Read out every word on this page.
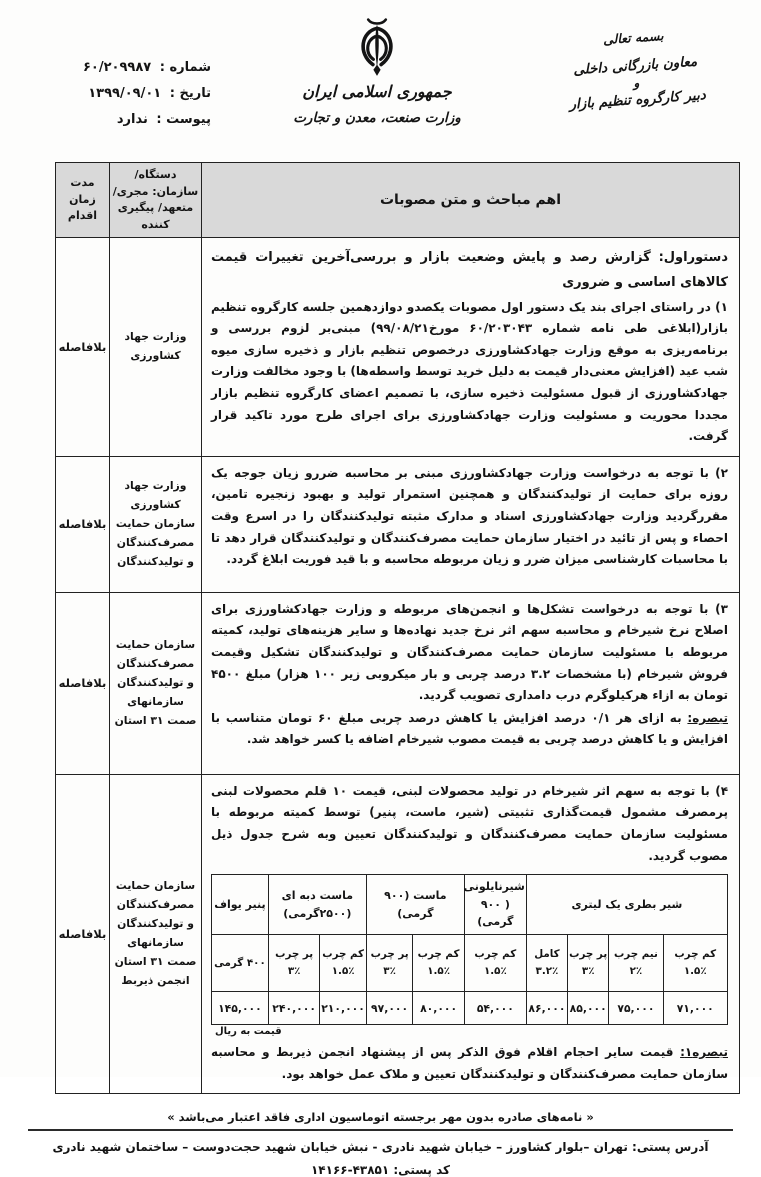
بسمه تعالی
معاون بازرگانی داخلی
و
دبیر کارگروه تنظیم بازار
جمهوری اسلامی ایران
وزارت صنعت، معدن و تجارت
شماره : ۶۰/۲۰۹۹۸۷
تاریخ : ۱۳۹۹/۰۹/۰۱
پیوست : ندارد
اهم مباحث و متن مصوبات	دستگاه/سازمان: مجری/ متعهد/ پیگیری کننده	مدت زمان اقدام

دستوراول: گزارش رصد و پایش وضعیت بازار و بررسی‌آخرین تغییرات قیمت کالاهای اساسی و ضروری

۱) در راستای اجرای بند یک دستور اول مصوبات یکصدو دوازدهمین جلسه کارگروه تنظیم بازار(ابلاغی طی نامه شماره ۶۰/۲۰۳۰۴۳ مورخ۹۹/۰۸/۲۱) مبنی‌بر لزوم بررسی و برنامه‌ریزی به موقع وزارت جهادکشاورزی درخصوص تنظیم بازار و ذخیره سازی میوه شب عید (افزایش معنی‌دار قیمت به دلیل خرید توسط واسطه‌ها) با وجود مخالفت وزارت جهادکشاورزی از قبول مسئولیت ذخیره سازی، با تصمیم اعضای کارگروه تنظیم بازار مجددا محوریت و مسئولیت وزارت جهادکشاورزی برای اجرای طرح مورد تاکید قرار گرفت.

	وزارت جهاد کشاورزی	بلافاصله

۲) با توجه به درخواست وزارت جهادکشاورزی مبنی بر محاسبه ضررو زیان جوجه یک روزه برای حمایت از تولیدکنندگان و همچنین استمرار تولید و بهبود زنجیره تامین، مقررگردید وزارت جهادکشاورزی اسناد و مدارک مثبته تولیدکنندگان را در اسرع وقت احصاء و پس از تائید در اختیار سازمان حمایت مصرف‌کنندگان و تولیدکنندگان قرار دهد تا با محاسبات کارشناسی میزان ضرر و زیان مربوطه محاسبه و با قید فوریت ابلاغ گردد.

	وزارت جهاد کشاورزی سازمان حمایت مصرف‌کنندگان و تولیدکنندگان	بلافاصله

۳) با توجه به درخواست تشکل‌ها و انجمن‌های مربوطه و وزارت جهادکشاورزی برای اصلاح نرخ شیرخام و محاسبه سهم اثر نرخ جدید نهاده‌ها و سایر هزینه‌های تولید، کمیته مربوطه با مسئولیت سازمان حمایت مصرف‌کنندگان و تولیدکنندگان تشکیل وقیمت فروش شیرخام (با مشخصات ۳.۲ درصد چربی و بار میکروبی زیر ۱۰۰ هزار) مبلغ ۴۵۰۰ تومان به ازاء هرکیلوگرم درب دامداری تصویب گردید.

تبصره: به ازای هر ۰/۱ درصد افزایش یا کاهش درصد چربی مبلغ ۶۰ تومان متناسب با افزایش و یا کاهش درصد چربی به قیمت مصوب شیرخام اضافه یا کسر خواهد شد.

	سازمان حمایت مصرف‌کنندگان و تولیدکنندگان سازمانهای صمت ۳۱ استان	بلافاصله

۴) با توجه به سهم اثر شیرخام در تولید محصولات لبنی، قیمت ۱۰ قلم محصولات لبنی پرمصرف مشمول قیمت‌گذاری تثبیتی (شیر، ماست، پنیر) توسط کمیته مربوطه با مسئولیت سازمان حمایت مصرف‌کنندگان و تولیدکنندگان تعیین وبه شرح جدول ذیل مصوب گردید.

شیر بطری یک لیتری	شیرنایلونی ( ۹۰۰ گرمی)	ماست (۹۰۰ گرمی)	ماست دبه ای (۲۵۰۰گرمی)	پنیر یواف
کم چرب ٪۱.۵	نیم چرب ٪۲	پر چرب ٪۳	کامل ٪۳.۲	کم چرب ٪۱.۵	کم چرب ٪۱.۵	پر چرب ٪۳	کم چرب ٪۱.۵	پر چرب ٪۳	۴۰۰ گرمی
۷۱,۰۰۰	۷۵,۰۰۰	۸۵,۰۰۰	۸۶,۰۰۰	۵۴,۰۰۰	۸۰,۰۰۰	۹۷,۰۰۰	۲۱۰,۰۰۰	۲۴۰,۰۰۰	۱۴۵,۰۰۰
قیمت به ریال

تبصره۱: قیمت سایر احجام اقلام فوق الذکر پس از پیشنهاد انجمن ذیربط و محاسبه سازمان حمایت مصرف‌کنندگان و تولیدکنندگان تعیین و ملاک عمل خواهد بود.

	سازمان حمایت مصرف‌کنندگان و تولیدکنندگان سازمانهای صمت ۳۱ استان انجمن ذیربط	بلافاصله
« نامه‌های صادره بدون مهر برجسته اتوماسیون اداری فاقد اعتبار می‌باشد »
آدرس پستی: تهران –بلوار کشاورز – خیابان شهید نادری - نبش خیابان شهید حجت‌دوست – ساختمان شهید نادری
کد پستی: ۴۳۸۵۱-۱۴۱۶۶
